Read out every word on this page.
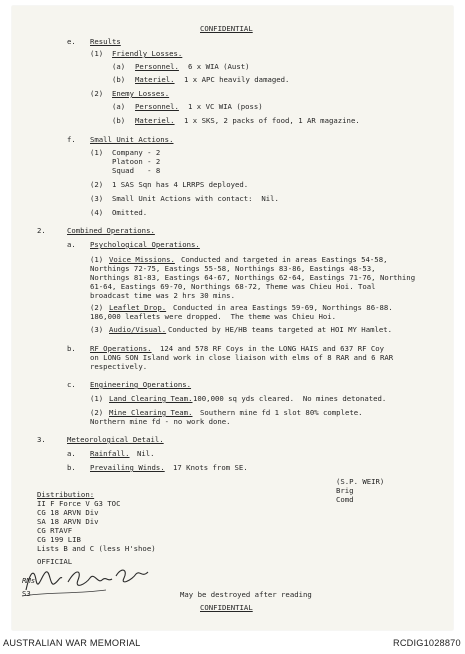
CONFIDENTIAL
e. Results
(1) Friendly Losses.
(a) Personnel. 6 x WIA (Aust)
(b) Materiel. 1 x APC heavily damaged.
(2) Enemy Losses.
(a) Personnel. 1 x VC WIA (poss)
(b) Materiel. 1 x SKS, 2 packs of food, 1 AR magazine.
f. Small Unit Actions.
(1) Company - 2
Platoon - 2
Squad   - 8
(2) 1 SAS Sqn has 4 LRRPS deployed.
(3) Small Unit Actions with contact:  Nil.
(4) Omitted.
2.	Combined Operations.
a. Psychological Operations.
(1) Voice Missions. Conducted and targeted in areas Eastings 54-58,
Northings 72-75, Eastings 55-58, Northings 83-86, Eastings 48-53,
Northings 81-83, Eastings 64-67, Northings 62-64, Eastings 71-76, Northing
61-64, Eastings 69-70, Northings 68-72, Theme was Chieu Hoi. Toal
broadcast time was 2 hrs 30 mins.
(2) Leaflet Drop. Conducted in area Eastings 59-69, Northings 86-88.
186,000 leaflets were dropped.  The theme was Chieu Hoi.
(3) Audio/Visual. Conducted by HE/HB teams targeted at HOI MY Hamlet.
b. RF Operations. 124 and 578 RF Coys in the LONG HAIS and 637 RF Coy
on LONG SON Island work in close liaison with elms of 8 RAR and 6 RAR
respectively.
c. Engineering Operations.
(1) Land Clearing Team. 100,000 sq yds cleared.  No mines detonated.
(2) Mine Clearing Team. Southern mine fd 1 slot 80% complete.
Northern mine fd - no work done.
3.	Meteorological Detail.
a. Rainfall. Nil.
b. Prevailing Winds. 17 Knots from SE.
(S.P. WEIR)
Brig
Comd
Distribution:
II F Force V G3 TOC
CG 18 ARVN Div
SA 18 ARVN Div
CG RTAVF
CG 199 LIB
Lists B and C (less H'shoe)
OFFICIAL
RMs
S3	May be destroyed after reading
CONFIDENTIAL
AUSTRALIAN WAR MEMORIAL	RCDIG1028870
